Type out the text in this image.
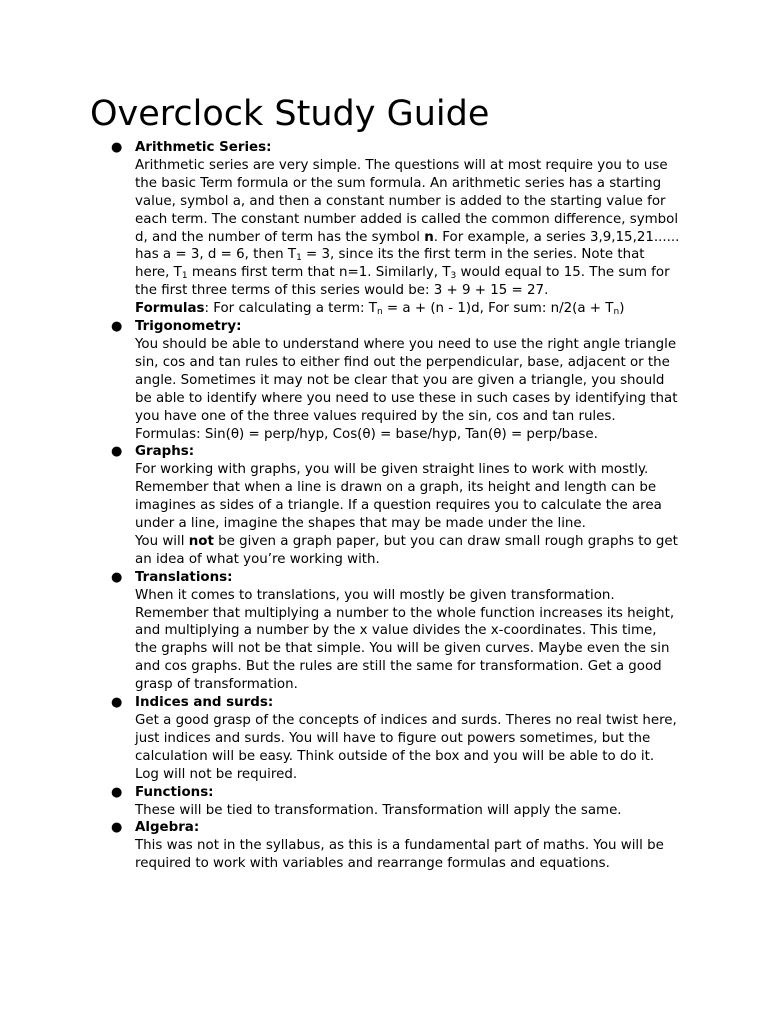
Overclock Study Guide
● Arithmetic Series:
Arithmetic series are very simple. The questions will at most require you to use the basic Term formula or the sum formula. An arithmetic series has a starting value, symbol a, and then a constant number is added to the starting value for each term. The constant number added is called the common difference, symbol d, and the number of term has the symbol n. For example, a series 3,9,15,21...... has a = 3, d = 6, then $T_1 = 3$, since its the first term in the series. Note that here, $T_1$ means first term that n=1. Similarly, $T_3$ would equal to 15. The sum for the first three terms of this series would be: 3 + 9 + 15 = 27.
Formulas: For calculating a term: $T_n = a + (n - 1)d$, For sum: $n/2(a + T_n)$
● Trigonometry:
You should be able to understand where you need to use the right angle triangle sin, cos and tan rules to either find out the perpendicular, base, adjacent or the angle. Sometimes it may not be clear that you are given a triangle, you should be able to identify where you need to use these in such cases by identifying that you have one of the three values required by the sin, cos and tan rules.
Formulas: Sin(θ) = perp/hyp, Cos(θ) = base/hyp, Tan(θ) = perp/base.
● Graphs:
For working with graphs, you will be given straight lines to work with mostly. Remember that when a line is drawn on a graph, its height and length can be imagines as sides of a triangle. If a question requires you to calculate the area under a line, imagine the shapes that may be made under the line.
You will not be given a graph paper, but you can draw small rough graphs to get an idea of what you’re working with.
● Translations:
When it comes to translations, you will mostly be given transformation. Remember that multiplying a number to the whole function increases its height, and multiplying a number by the x value divides the x-coordinates. This time, the graphs will not be that simple. You will be given curves. Maybe even the sin and cos graphs. But the rules are still the same for transformation. Get a good grasp of transformation.
● Indices and surds:
Get a good grasp of the concepts of indices and surds. Theres no real twist here, just indices and surds. You will have to figure out powers sometimes, but the calculation will be easy. Think outside of the box and you will be able to do it. Log will not be required.
● Functions:
These will be tied to transformation. Transformation will apply the same.
● Algebra:
This was not in the syllabus, as this is a fundamental part of maths. You will be required to work with variables and rearrange formulas and equations.
